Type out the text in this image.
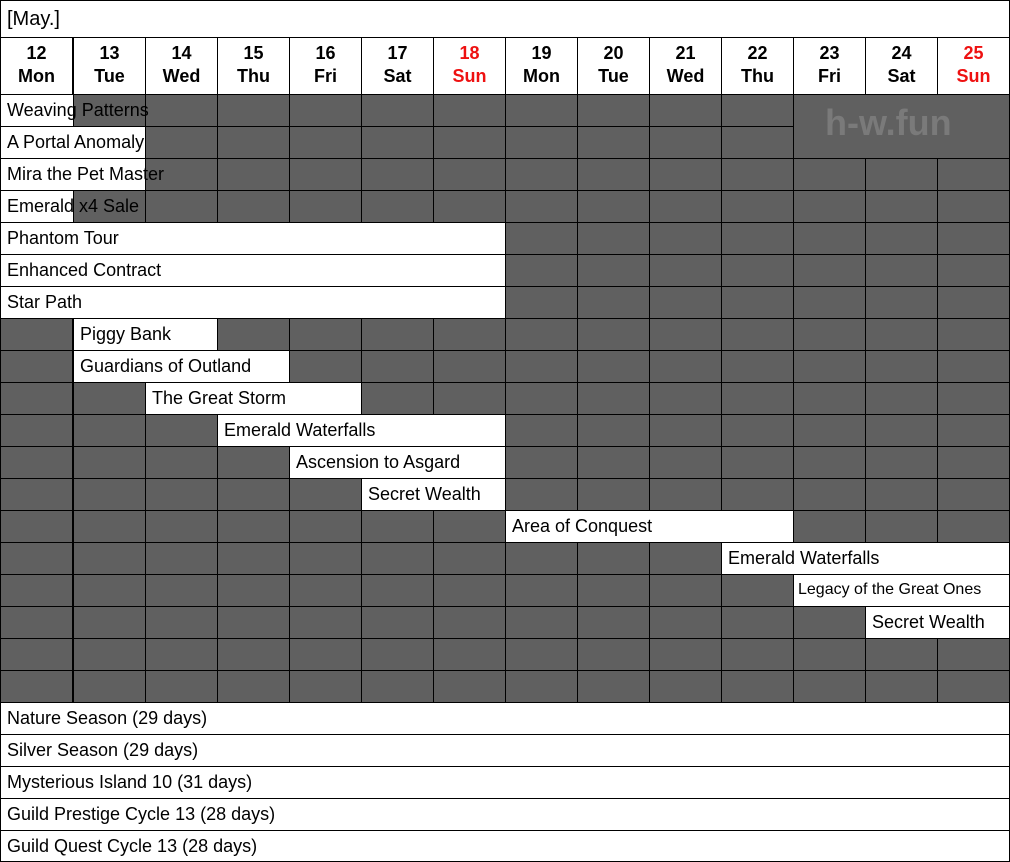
[May.]
12
Mon
13
Tue
14
Wed
15
Thu
16
Fri
17
Sat
18
Sun
19
Mon
20
Tue
21
Wed
22
Thu
23
Fri
24
Sat
25
Sun
h-w.fun
Weaving Patterns
A Portal Anomaly
Mira the Pet Master
Emerald x4 Sale
Phantom Tour
Enhanced Contract
Star Path
Piggy Bank
Guardians of Outland
The Great Storm
Emerald Waterfalls
Ascension to Asgard
Secret Wealth
Area of Conquest
Emerald Waterfalls
Legacy of the Great Ones
Secret Wealth
Nature Season (29 days)
Silver Season (29 days)
Mysterious Island 10 (31 days)
Guild Prestige Cycle 13 (28 days)
Guild Quest Cycle 13 (28 days)
